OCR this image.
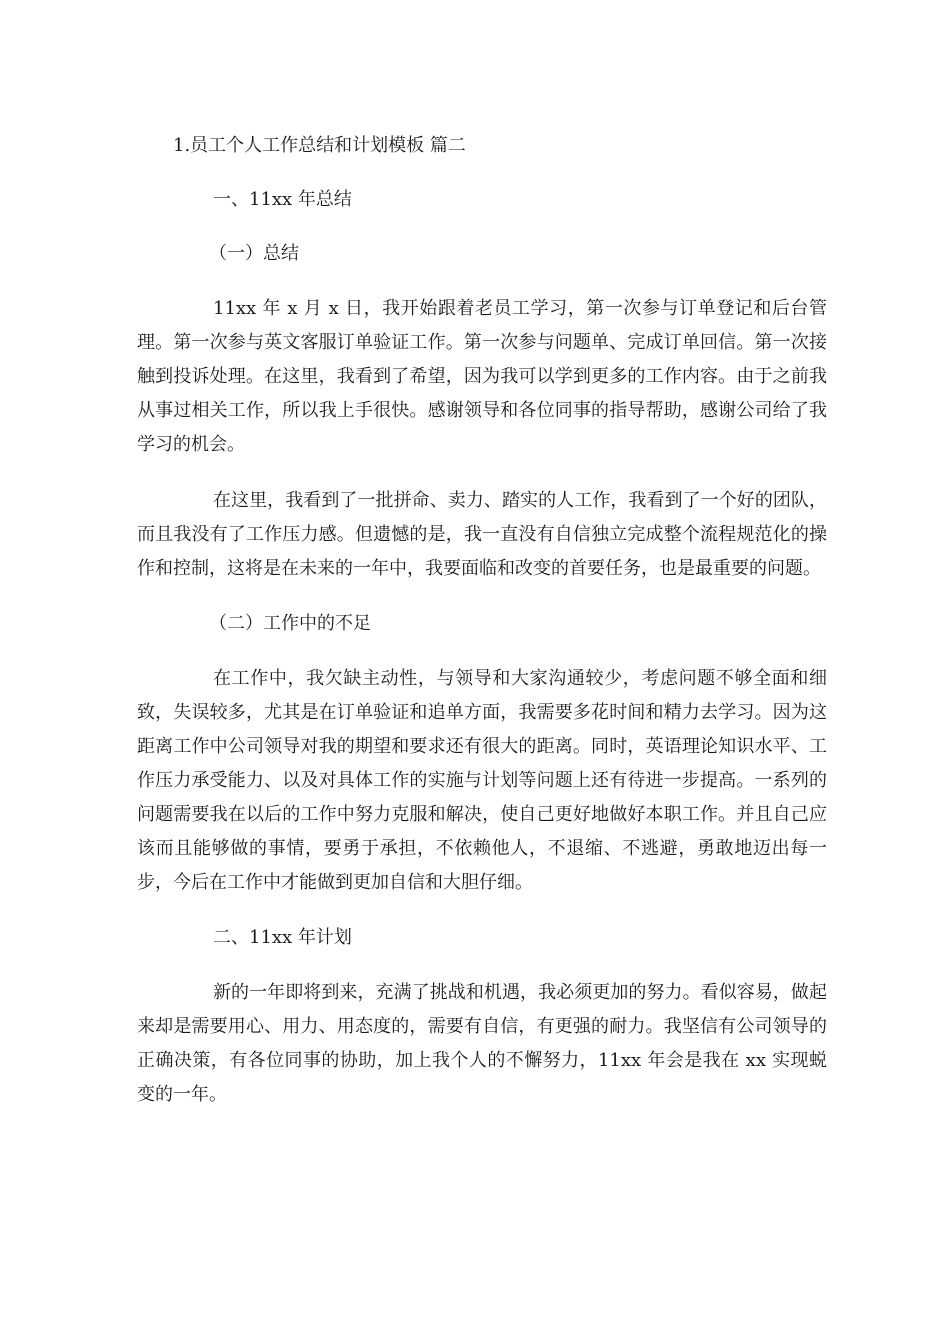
1.员工个人工作总结和计划模板 篇二
一、11xx 年总结
（一）总结

11xx 年 x 月 x 日，我开始跟着老员工学习，第一次参与订单登记和后台管理。第一次参与英文客服订单验证工作。第一次参与问题单、完成订单回信。第一次接触到投诉处理。在这里，我看到了希望，因为我可以学到更多的工作内容。由于之前我从事过相关工作，所以我上手很快。感谢领导和各位同事的指导帮助，感谢公司给了我学习的机会。

在这里，我看到了一批拼命、卖力、踏实的人工作，我看到了一个好的团队，而且我没有了工作压力感。但遗憾的是，我一直没有自信独立完成整个流程规范化的操作和控制，这将是在未来的一年中，我要面临和改变的首要任务，也是最重要的问题。

（二）工作中的不足

在工作中，我欠缺主动性，与领导和大家沟通较少，考虑问题不够全面和细致，失误较多，尤其是在订单验证和追单方面，我需要多花时间和精力去学习。因为这距离工作中公司领导对我的期望和要求还有很大的距离。同时，英语理论知识水平、工作压力承受能力、以及对具体工作的实施与计划等问题上还有待进一步提高。一系列的问题需要我在以后的工作中努力克服和解决，使自己更好地做好本职工作。并且自己应该而且能够做的事情，要勇于承担，不依赖他人，不退缩、不逃避，勇敢地迈出每一步，今后在工作中才能做到更加自信和大胆仔细。

二、11xx 年计划

新的一年即将到来，充满了挑战和机遇，我必须更加的努力。看似容易，做起来却是需要用心、用力、用态度的，需要有自信，有更强的耐力。我坚信有公司领导的正确决策，有各位同事的协助，加上我个人的不懈努力，11xx 年会是我在 xx 实现蜕变的一年。
